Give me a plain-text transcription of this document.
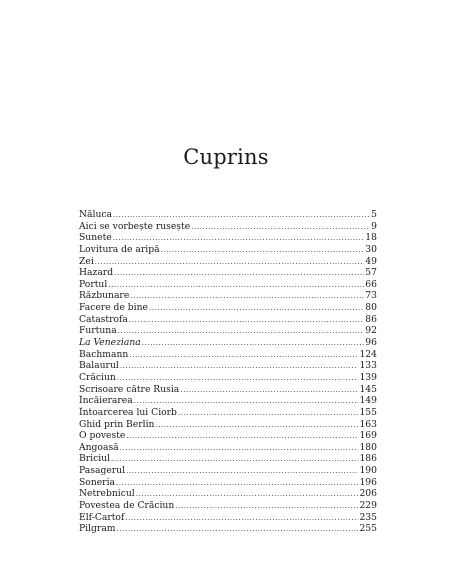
Cuprins
Năluca .....	5
Aici se vorbește rusește .....	9
Sunete .....	18
Lovitura de aripă .....	30
Zei .....	49
Hazard .....	57
Portul .....	66
Răzbunare .....	73
Facere de bine .....	80
Catastrofa .....	86
Furtuna .....	92
La Veneziana .....	96
Bachmann .....	124
Balaurul .....	133
Crăciun .....	139
Scrisoare către Rusia .....	145
Încăierarea .....	149
Întoarcerea lui Ciorb .....	155
Ghid prin Berlin .....	163
O poveste .....	169
Angoasă .....	180
Briciul .....	186
Pasagerul .....	190
Soneria .....	196
Netrebnicul .....	206
Povestea de Crăciun .....	229
Elf-Cartof .....	235
Pilgram .....	255
